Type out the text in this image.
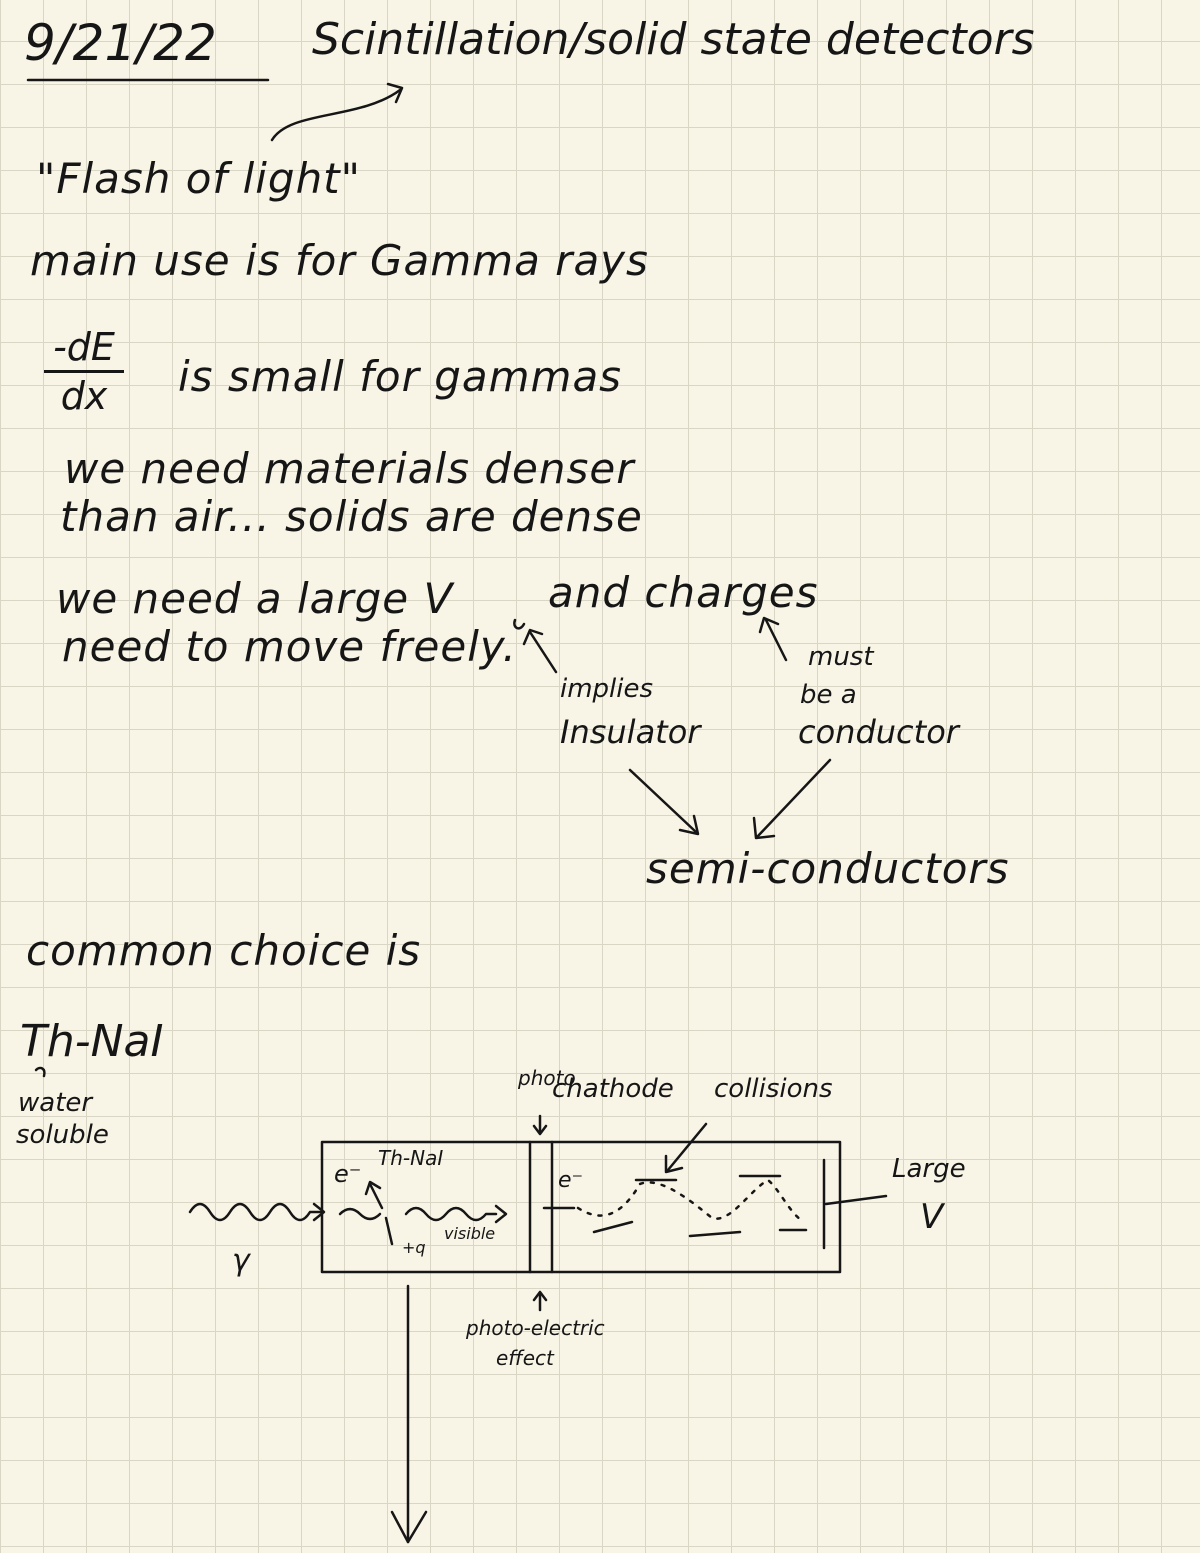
9/21/22 Scintillation/solid state detectors
"Flash of light"
main use is for Gamma rays
-dE
dx is small for gammas
we need materials denser
than air... solids are dense
we need a large V and charges
need to move freely.
implies
Insulator
must
be a
conductor
semi-conductors
common choice is
Th-NaI
water
soluble
γ
Th-NaI
e⁻
+q
visible
e⁻
photo
chathode collisions
Large
V
photo-electric
effect
